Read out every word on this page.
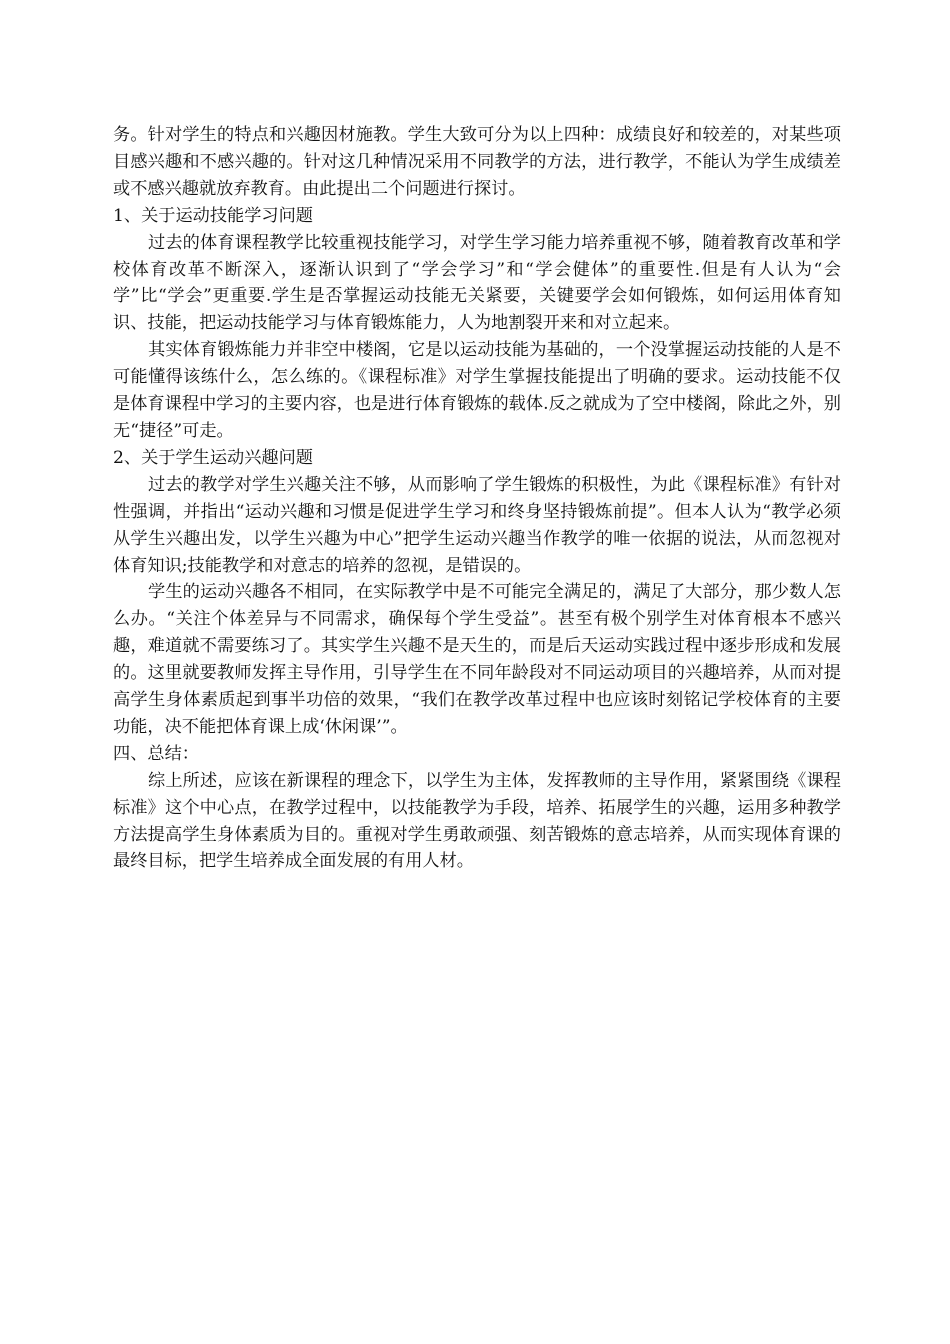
务。针对学生的特点和兴趣因材施教。学生大致可分为以上四种：成绩良好和较差的，对某些项目感兴趣和不感兴趣的。针对这几种情况采用不同教学的方法，进行教学，不能认为学生成绩差或不感兴趣就放弃教育。由此提出二个问题进行探讨。

1、关于运动技能学习问题

过去的体育课程教学比较重视技能学习，对学生学习能力培养重视不够，随着教育改革和学校体育改革不断深入，逐渐认识到了“学会学习”和“学会健体”的重要性.但是有人认为“会学”比“学会”更重要.学生是否掌握运动技能无关紧要，关键要学会如何锻炼，如何运用体育知识、技能，把运动技能学习与体育锻炼能力，人为地割裂开来和对立起来。

其实体育锻炼能力并非空中楼阁，它是以运动技能为基础的，一个没掌握运动技能的人是不可能懂得该练什么，怎么练的。《课程标准》对学生掌握技能提出了明确的要求。运动技能不仅是体育课程中学习的主要内容，也是进行体育锻炼的载体.反之就成为了空中楼阁，除此之外，别无“捷径”可走。

2、关于学生运动兴趣问题

过去的教学对学生兴趣关注不够，从而影响了学生锻炼的积极性，为此《课程标准》有针对性强调，并指出“运动兴趣和习惯是促进学生学习和终身坚持锻炼前提”。但本人认为“教学必须从学生兴趣出发，以学生兴趣为中心”把学生运动兴趣当作教学的唯一依据的说法，从而忽视对体育知识;技能教学和对意志的培养的忽视，是错误的。

学生的运动兴趣各不相同，在实际教学中是不可能完全满足的，满足了大部分，那少数人怎么办。“关注个体差异与不同需求，确保每个学生受益”。甚至有极个别学生对体育根本不感兴趣，难道就不需要练习了。其实学生兴趣不是天生的，而是后天运动实践过程中逐步形成和发展的。这里就要教师发挥主导作用，引导学生在不同年龄段对不同运动项目的兴趣培养，从而对提高学生身体素质起到事半功倍的效果，“我们在教学改革过程中也应该时刻铭记学校体育的主要功能，决不能把体育课上成‘休闲课’”。

四、总结：

综上所述，应该在新课程的理念下，以学生为主体，发挥教师的主导作用，紧紧围绕《课程标准》这个中心点，在教学过程中，以技能教学为手段，培养、拓展学生的兴趣，运用多种教学方法提高学生身体素质为目的。重视对学生勇敢顽强、刻苦锻炼的意志培养，从而实现体育课的最终目标，把学生培养成全面发展的有用人材。
